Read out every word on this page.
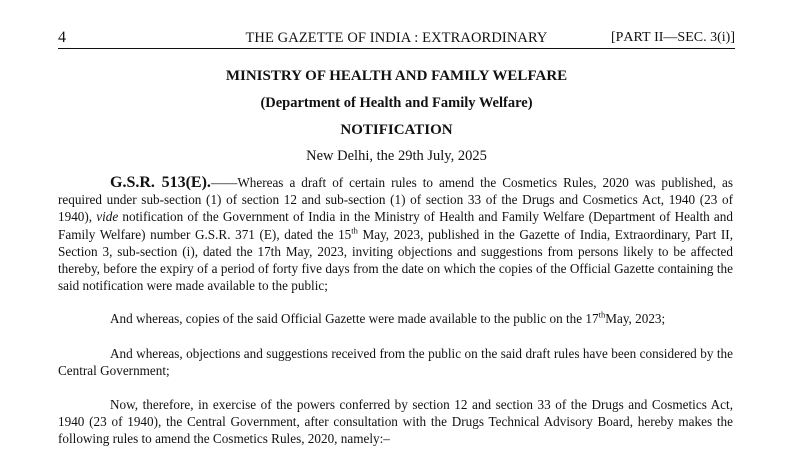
4	THE GAZETTE OF INDIA : EXTRAORDINARY	[PART II—SEC. 3(i)]
MINISTRY OF HEALTH AND FAMILY WELFARE
(Department of Health and Family Welfare)
NOTIFICATION
New Delhi, the 29th July, 2025

G.S.R. 513(E).——Whereas a draft of certain rules to amend the Cosmetics Rules, 2020 was published, as required under sub-section (1) of section 12 and sub-section (1) of section 33 of the Drugs and Cosmetics Act, 1940 (23 of 1940), vide notification of the Government of India in the Ministry of Health and Family Welfare (Department of Health and Family Welfare) number G.S.R. 371 (E), dated the 15th May, 2023, published in the Gazette of India, Extraordinary, Part II, Section 3, sub-section (i), dated the 17th May, 2023, inviting objections and suggestions from persons likely to be affected thereby, before the expiry of a period of forty five days from the date on which the copies of the Official Gazette containing the said notification were made available to the public;

And whereas, copies of the said Official Gazette were made available to the public on the 17thMay, 2023;

And whereas, objections and suggestions received from the public on the said draft rules have been considered by the Central Government;

Now, therefore, in exercise of the powers conferred by section 12 and section 33 of the Drugs and Cosmetics Act, 1940 (23 of 1940), the Central Government, after consultation with the Drugs Technical Advisory Board, hereby makes the following rules to amend the Cosmetics Rules, 2020, namely:–
